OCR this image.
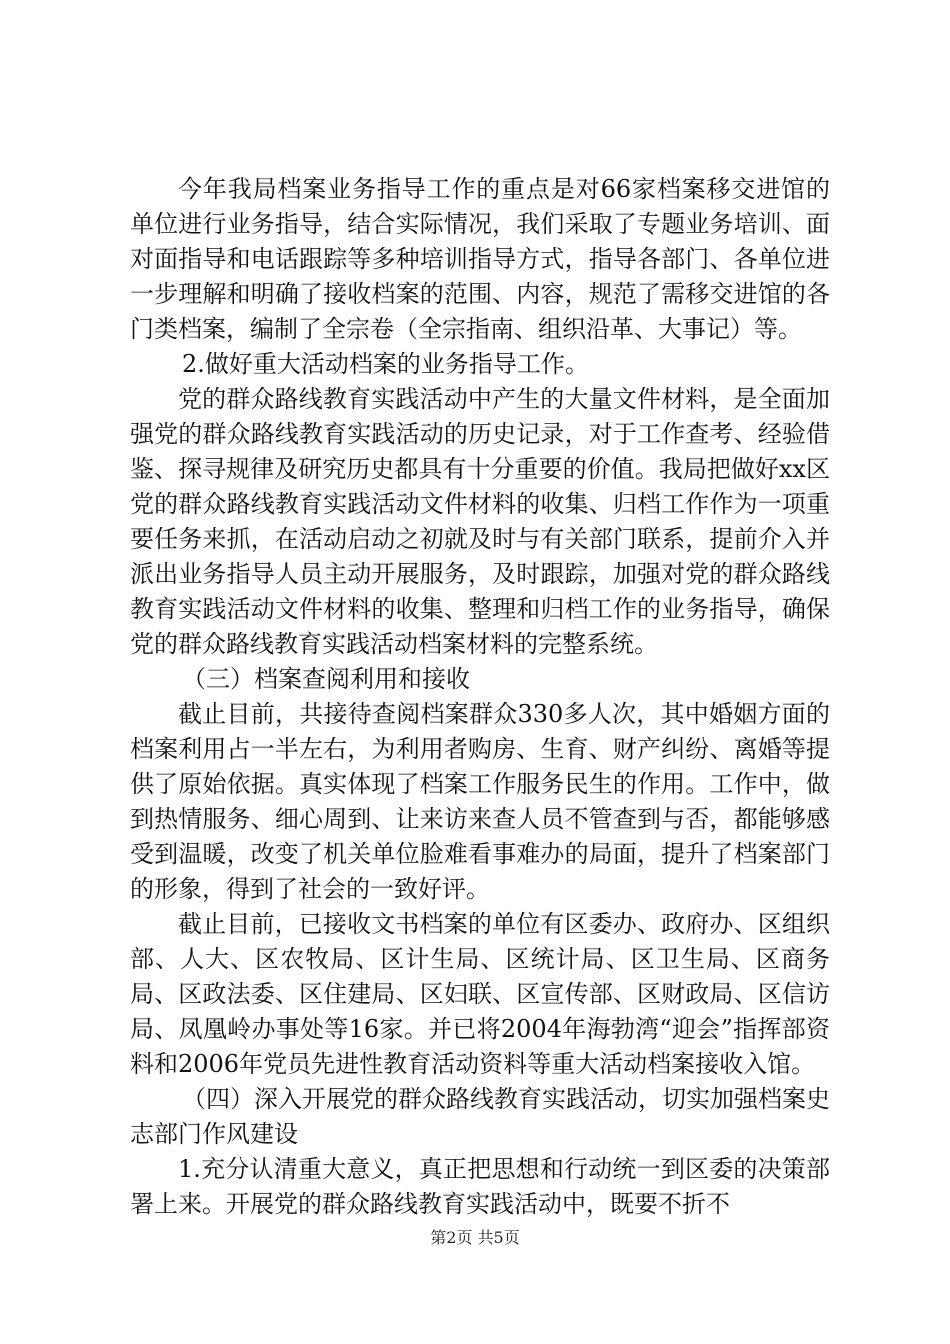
今年我局档案业务指导工作的重点是对66家档案移交进馆的单位进行业务指导，结合实际情况，我们采取了专题业务培训、面对面指导和电话跟踪等多种培训指导方式，指导各部门、各单位进一步理解和明确了接收档案的范围、内容，规范了需移交进馆的各门类档案，编制了全宗卷（全宗指南、组织沿革、大事记）等。

2.做好重大活动档案的业务指导工作。

党的群众路线教育实践活动中产生的大量文件材料，是全面加强党的群众路线教育实践活动的历史记录，对于工作查考、经验借鉴、探寻规律及研究历史都具有十分重要的价值。我局把做好xx区党的群众路线教育实践活动文件材料的收集、归档工作作为一项重要任务来抓，在活动启动之初就及时与有关部门联系，提前介入并派出业务指导人员主动开展服务，及时跟踪，加强对党的群众路线教育实践活动文件材料的收集、整理和归档工作的业务指导，确保党的群众路线教育实践活动档案材料的完整系统。

（三）档案查阅利用和接收

截止目前，共接待查阅档案群众330多人次，其中婚姻方面的档案利用占一半左右，为利用者购房、生育、财产纠纷、离婚等提供了原始依据。真实体现了档案工作服务民生的作用。工作中，做到热情服务、细心周到、让来访来查人员不管查到与否，都能够感受到温暖，改变了机关单位脸难看事难办的局面，提升了档案部门的形象，得到了社会的一致好评。

截止目前，已接收文书档案的单位有区委办、政府办、区组织部、人大、区农牧局、区计生局、区统计局、区卫生局、区商务局、区政法委、区住建局、区妇联、区宣传部、区财政局、区信访局、凤凰岭办事处等16家。并已将2004年海勃湾“迎会”指挥部资料和2006年党员先进性教育活动资料等重大活动档案接收入馆。

（四）深入开展党的群众路线教育实践活动，切实加强档案史志部门作风建设

1.充分认清重大意义，真正把思想和行动统一到区委的决策部署上来。开展党的群众路线教育实践活动中，既要不折不

第2页 共5页
